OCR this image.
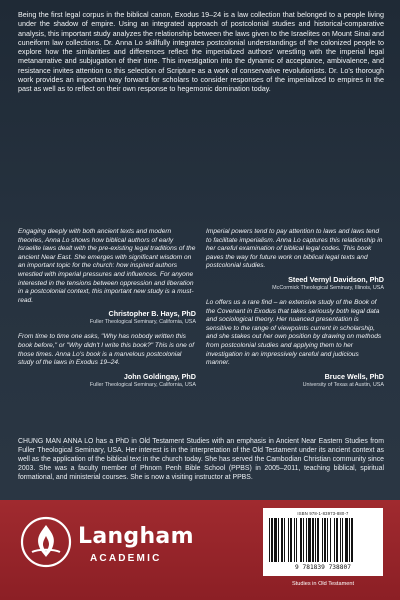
Being the first legal corpus in the biblical canon, Exodus 19–24 is a law collection that belonged to a people living under the shadow of empire. Using an integrated approach of postcolonial studies and historical-comparative analysis, this important study analyzes the relationship between the laws given to the Israelites on Mount Sinai and cuneiform law collections. Dr. Anna Lo skillfully integrates postcolonial understandings of the colonized people to explore how the similarities and differences reflect the imperialized authors' wrestling with the imperial legal metanarrative and subjugation of their time. This investigation into the dynamic of acceptance, ambivalence, and resistance invites attention to this selection of Scripture as a work of conservative revolutionists. Dr. Lo's thorough work provides an important way forward for scholars to consider responses of the imperialized to empires in the past as well as to reflect on their own response to hegemonic domination today.

Engaging deeply with both ancient texts and modern theories, Anna Lo shows how biblical authors of early Israelite laws dealt with the pre-existing legal traditions of the ancient Near East. She emerges with significant wisdom on an important topic for the church: how inspired authors wrestled with imperial pressures and influences. For anyone interested in the tensions between oppression and liberation in a postcolonial context, this important new study is a must-read.

Christopher B. Hays, PhD

Fuller Theological Seminary, California, USA

From time to time one asks, "Why has nobody written this book before," or "Why didn't I write this book?" This is one of those times. Anna Lo's book is a marvelous postcolonial study of the laws in Exodus 19–24.

John Goldingay, PhD

Fuller Theological Seminary, California, USA

Imperial powers tend to pay attention to laws and laws tend to facilitate imperialism. Anna Lo captures this relationship in her careful examination of biblical legal codes. This book paves the way for future work on biblical legal texts and postcolonial studies.

Steed Vernyl Davidson, PhD

McCormick Theological Seminary, Illinois, USA

Lo offers us a rare find – an extensive study of the Book of the Covenant in Exodus that takes seriously both legal data and sociological theory. Her nuanced presentation is sensitive to the range of viewpoints current in scholarship, and she stakes out her own position by drawing on methods from postcolonial studies and applying them to her investigation in an impressively careful and judicious manner.

Bruce Wells, PhD

University of Texas at Austin, USA

CHUNG MAN ANNA LO has a PhD in Old Testament Studies with an emphasis in Ancient Near Eastern Studies from Fuller Theological Seminary, USA. Her interest is in the interpretation of the Old Testament under its ancient context as well as the application of the biblical text in the church today. She has served the Cambodian Christian community since 2003. She was a faculty member of Phnom Penh Bible School (PPBS) in 2005–2011, teaching biblical, spiritual formational, and ministerial courses. She is now a visiting instructor at PPBS.

Langham
ACADEMIC
ISBN 978-1-83973-880-7
9 781839 738807
Studies in Old Testament
